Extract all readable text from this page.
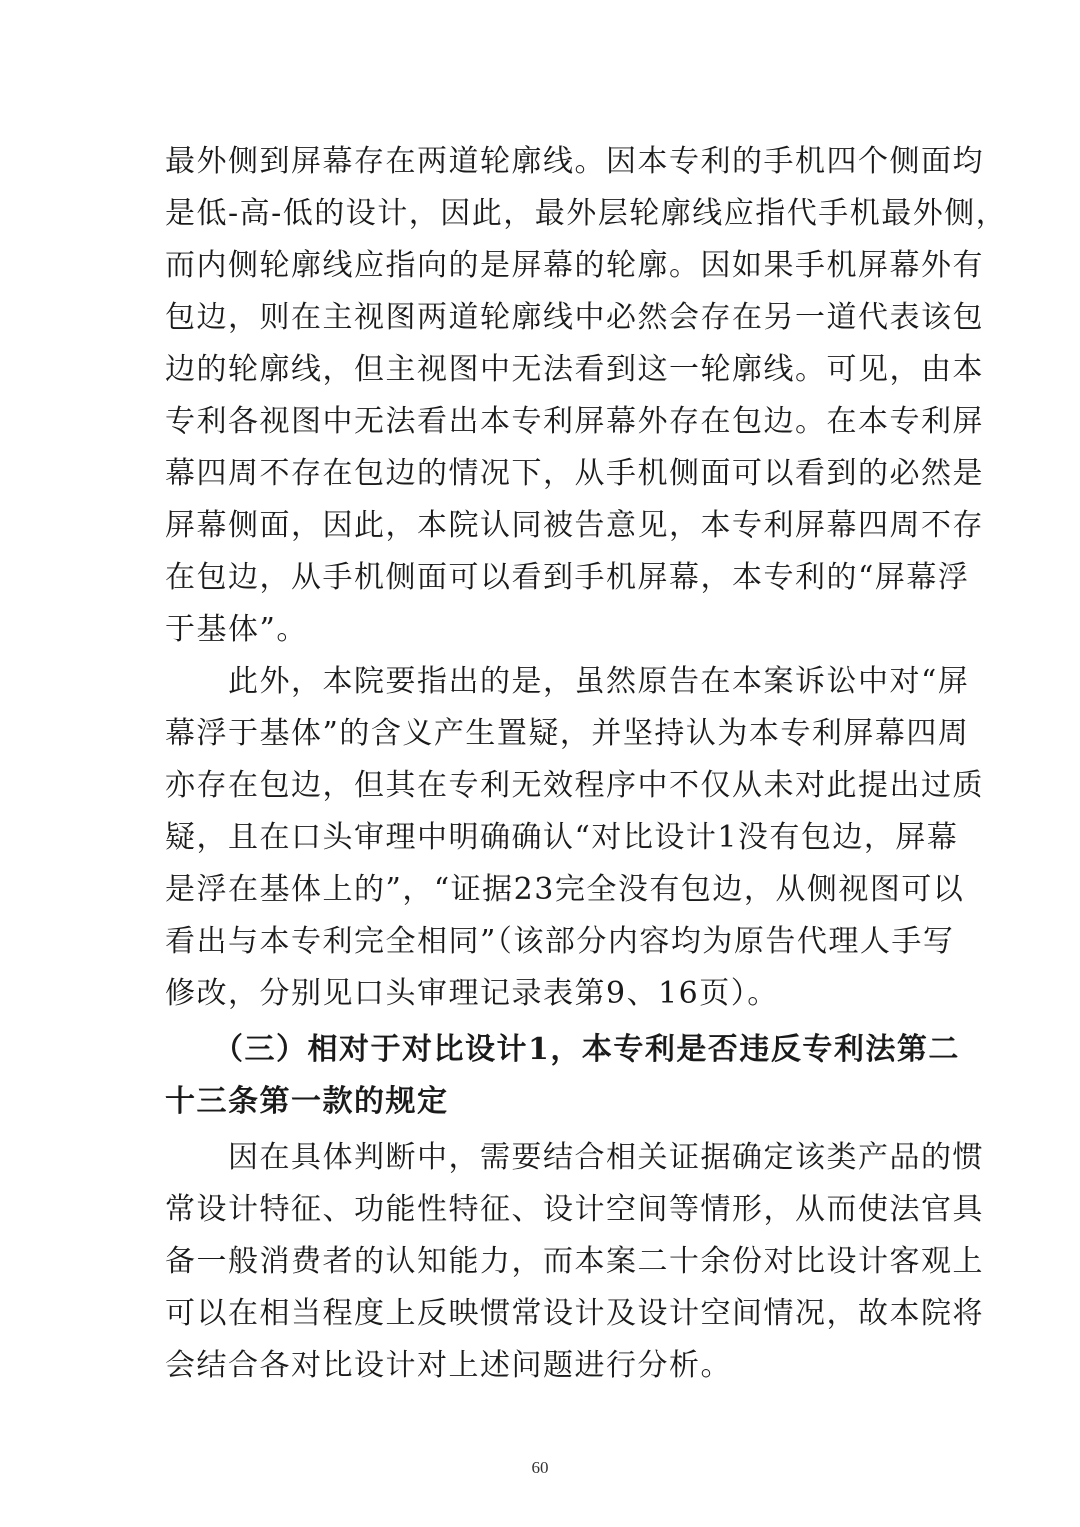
最外侧到屏幕存在两道轮廓线。因本专利的手机四个侧面均
是低-高-低的设计，因此，最外层轮廓线应指代手机最外侧，
而内侧轮廓线应指向的是屏幕的轮廓。因如果手机屏幕外有
包边，则在主视图两道轮廓线中必然会存在另一道代表该包
边的轮廓线，但主视图中无法看到这一轮廓线。可见，由本
专利各视图中无法看出本专利屏幕外存在包边。在本专利屏
幕四周不存在包边的情况下，从手机侧面可以看到的必然是
屏幕侧面，因此，本院认同被告意见，本专利屏幕四周不存
在包边，从手机侧面可以看到手机屏幕，本专利的“屏幕浮
于基体”。
　　此外，本院要指出的是，虽然原告在本案诉讼中对“屏
幕浮于基体”的含义产生置疑，并坚持认为本专利屏幕四周
亦存在包边，但其在专利无效程序中不仅从未对此提出过质
疑，且在口头审理中明确确认“对比设计1没有包边，屏幕
是浮在基体上的”，“证据23完全没有包边，从侧视图可以
看出与本专利完全相同”（该部分内容均为原告代理人手写
修改，分别见口头审理记录表第9、16页）。
　　（三）相对于对比设计1，本专利是否违反专利法第二
十三条第一款的规定
　　因在具体判断中，需要结合相关证据确定该类产品的惯
常设计特征、功能性特征、设计空间等情形，从而使法官具
备一般消费者的认知能力，而本案二十余份对比设计客观上
可以在相当程度上反映惯常设计及设计空间情况，故本院将
会结合各对比设计对上述问题进行分析。
60
